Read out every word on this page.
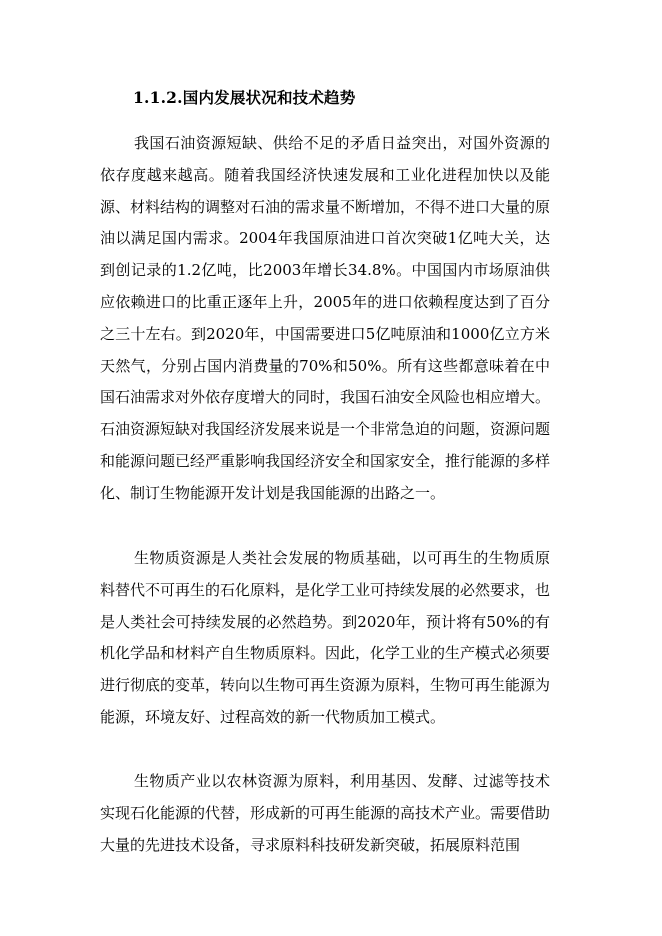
1.1.2.国内发展状况和技术趋势

我国石油资源短缺、供给不足的矛盾日益突出，对国外资源的依存度越来越高。随着我国经济快速发展和工业化进程加快以及能源、材料结构的调整对石油的需求量不断增加，不得不进口大量的原油以满足国内需求。2004年我国原油进口首次突破1亿吨大关，达到创记录的1.2亿吨，比2003年增长34.8%。中国国内市场原油供应依赖进口的比重正逐年上升，2005年的进口依赖程度达到了百分之三十左右。到2020年，中国需要进口5亿吨原油和1000亿立方米天然气，分别占国内消费量的70%和50%。所有这些都意味着在中国石油需求对外依存度增大的同时，我国石油安全风险也相应增大。石油资源短缺对我国经济发展来说是一个非常急迫的问题，资源问题和能源问题已经严重影响我国经济安全和国家安全，推行能源的多样化、制订生物能源开发计划是我国能源的出路之一。

生物质资源是人类社会发展的物质基础，以可再生的生物质原料替代不可再生的石化原料，是化学工业可持续发展的必然要求，也是人类社会可持续发展的必然趋势。到2020年，预计将有50%的有机化学品和材料产自生物质原料。因此，化学工业的生产模式必须要进行彻底的变革，转向以生物可再生资源为原料，生物可再生能源为能源，环境友好、过程高效的新一代物质加工模式。

生物质产业以农林资源为原料，利用基因、发酵、过滤等技术实现石化能源的代替，形成新的可再生能源的高技术产业。需要借助大量的先进技术设备，寻求原料科技研发新突破，拓展原料范围
